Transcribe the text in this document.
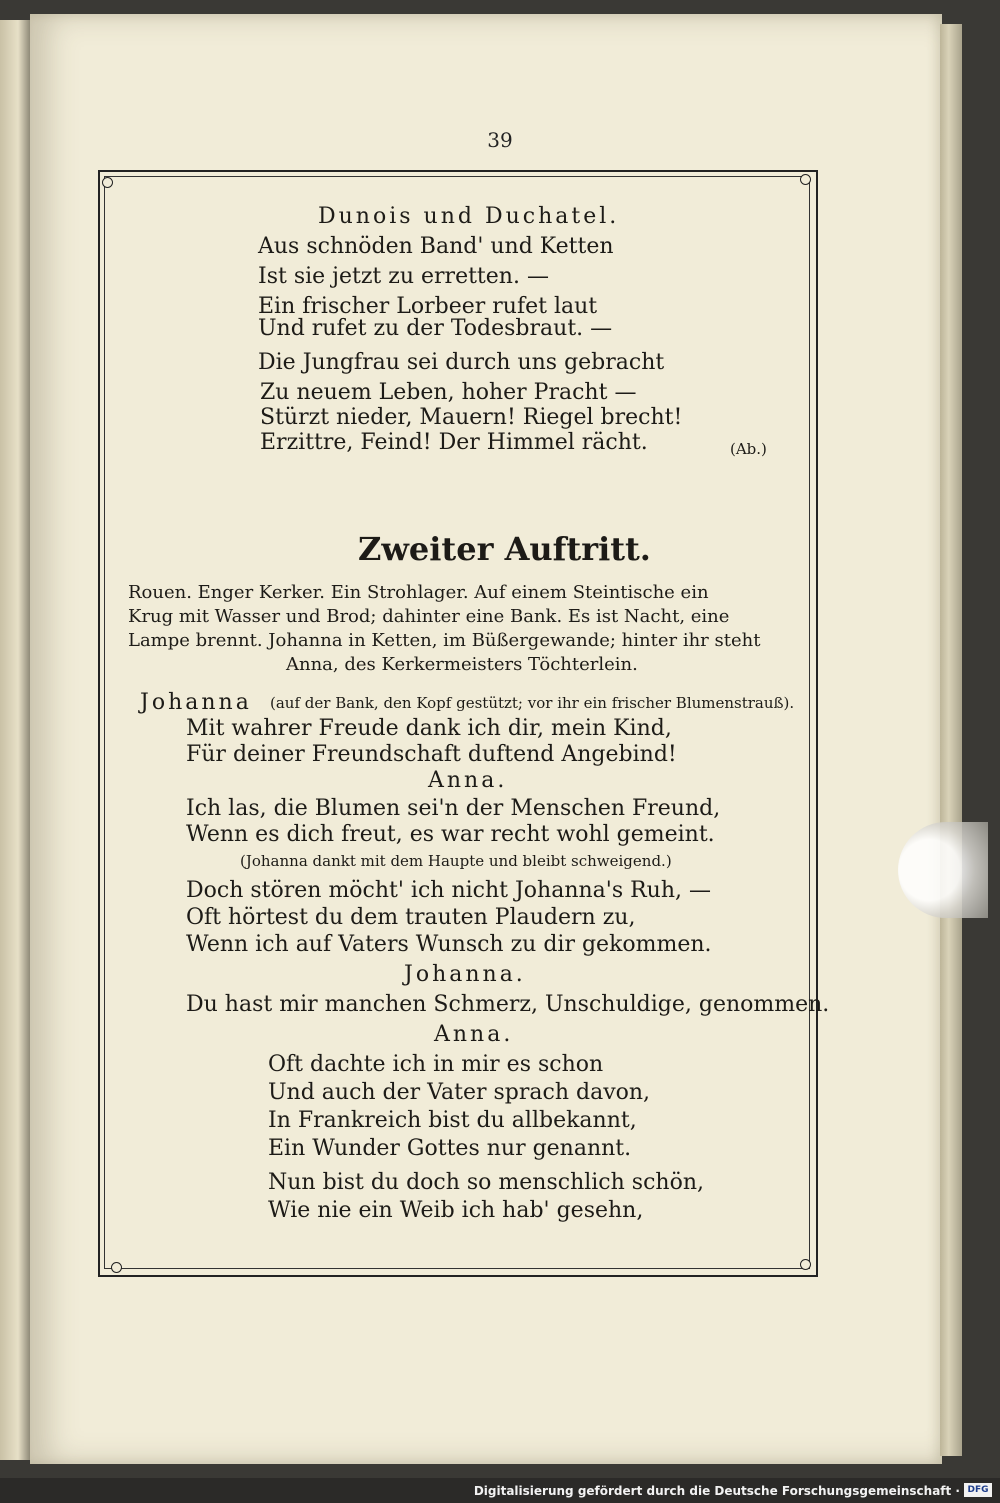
39
Dunois und Duchatel.
Aus schnöden Band' und Ketten
Ist sie jetzt zu erretten. —
Ein frischer Lorbeer rufet laut
Und rufet zu der Todesbraut. —
Die Jungfrau sei durch uns gebracht
Zu neuem Leben, hoher Pracht —
Stürzt nieder, Mauern! Riegel brecht!
Erzittre, Feind! Der Himmel rächt.	(Ab.)
Zweiter Auftritt.
Rouen. Enger Kerker. Ein Strohlager. Auf einem Steintische ein
Krug mit Wasser und Brod; dahinter eine Bank. Es ist Nacht, eine
Lampe brennt. Johanna in Ketten, im Büßergewande; hinter ihr steht
Anna, des Kerkermeisters Töchterlein.
Johanna (auf der Bank, den Kopf gestützt; vor ihr ein frischer Blumenstrauß).
Mit wahrer Freude dank ich dir, mein Kind,
Für deiner Freundschaft duftend Angebind!
Anna.
Ich las, die Blumen sei'n der Menschen Freund,
Wenn es dich freut, es war recht wohl gemeint.
(Johanna dankt mit dem Haupte und bleibt schweigend.)
Doch stören möcht' ich nicht Johanna's Ruh, —
Oft hörtest du dem trauten Plaudern zu,
Wenn ich auf Vaters Wunsch zu dir gekommen.
Johanna.
Du hast mir manchen Schmerz, Unschuldige, genommen.
Anna.
Oft dachte ich in mir es schon
Und auch der Vater sprach davon,
In Frankreich bist du allbekannt,
Ein Wunder Gottes nur genannt.
Nun bist du doch so menschlich schön,
Wie nie ein Weib ich hab' gesehn,
Digitalisierung gefördert durch die Deutsche Forschungsgemeinschaft · DFG
